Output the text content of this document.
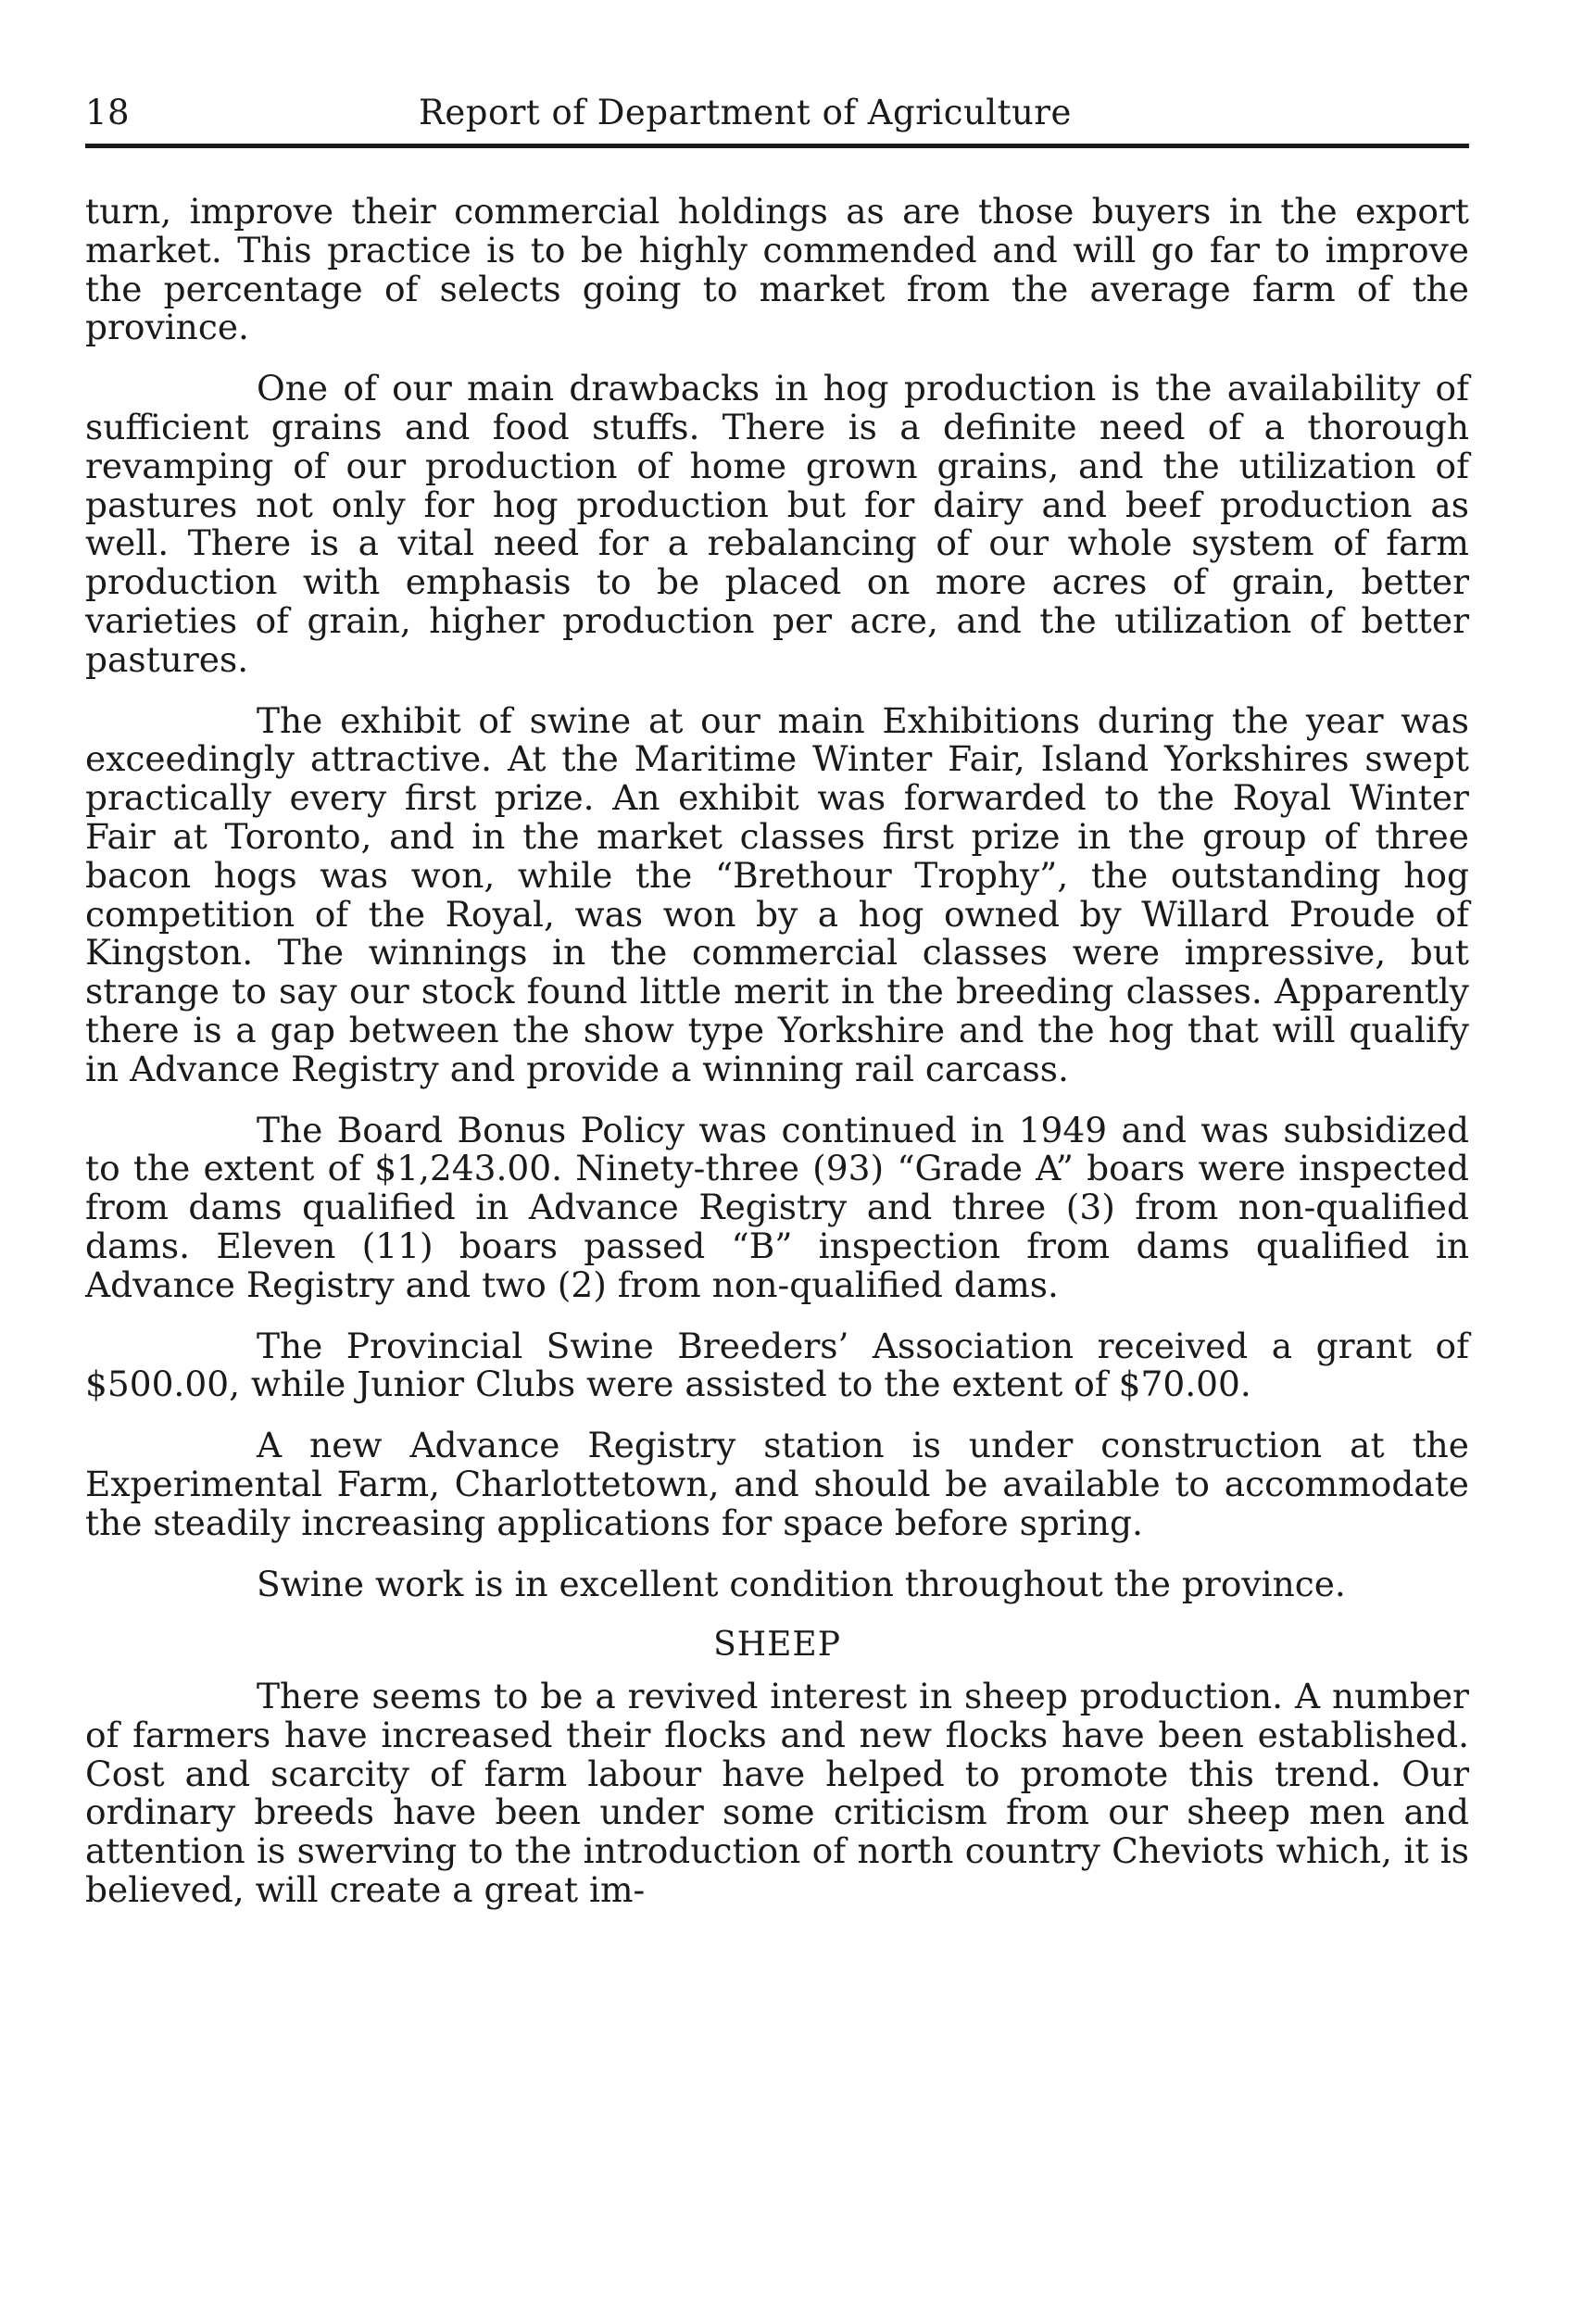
18	Report of Department of Agriculture

turn, improve their commercial holdings as are those buyers in the export market. This practice is to be highly commended and will go far to improve the percentage of selects going to market from the average farm of the province.

One of our main drawbacks in hog production is the availability of sufficient grains and food stuffs. There is a definite need of a thorough revamping of our production of home grown grains, and the utilization of pastures not only for hog production but for dairy and beef production as well. There is a vital need for a rebalancing of our whole system of farm production with emphasis to be placed on more acres of grain, better varieties of grain, higher production per acre, and the utilization of better pastures.

The exhibit of swine at our main Exhibitions during the year was exceedingly attractive. At the Maritime Winter Fair, Island Yorkshires swept practically every first prize. An exhibit was forwarded to the Royal Winter Fair at Toronto, and in the market classes first prize in the group of three bacon hogs was won, while the “Brethour Trophy”, the outstanding hog competition of the Royal, was won by a hog owned by Willard Proude of Kingston. The winnings in the commercial classes were impressive, but strange to say our stock found little merit in the breeding classes. Apparently there is a gap between the show type Yorkshire and the hog that will qualify in Advance Registry and provide a winning rail carcass.

The Board Bonus Policy was continued in 1949 and was subsidized to the extent of $1,243.00. Ninety-three (93) “Grade A” boars were inspected from dams qualified in Advance Registry and three (3) from non-qualified dams. Eleven (11) boars passed “B” inspection from dams qualified in Advance Registry and two (2) from non-qualified dams.

The Provincial Swine Breeders’ Association received a grant of $500.00, while Junior Clubs were assisted to the extent of $70.00.

A new Advance Registry station is under construction at the Experimental Farm, Charlottetown, and should be available to accommodate the steadily increasing applications for space before spring.

Swine work is in excellent condition throughout the province.

SHEEP

There seems to be a revived interest in sheep production. A number of farmers have increased their flocks and new flocks have been established. Cost and scarcity of farm labour have helped to promote this trend. Our ordinary breeds have been under some criticism from our sheep men and attention is swerving to the introduction of north country Cheviots which, it is believed, will create a great im-
